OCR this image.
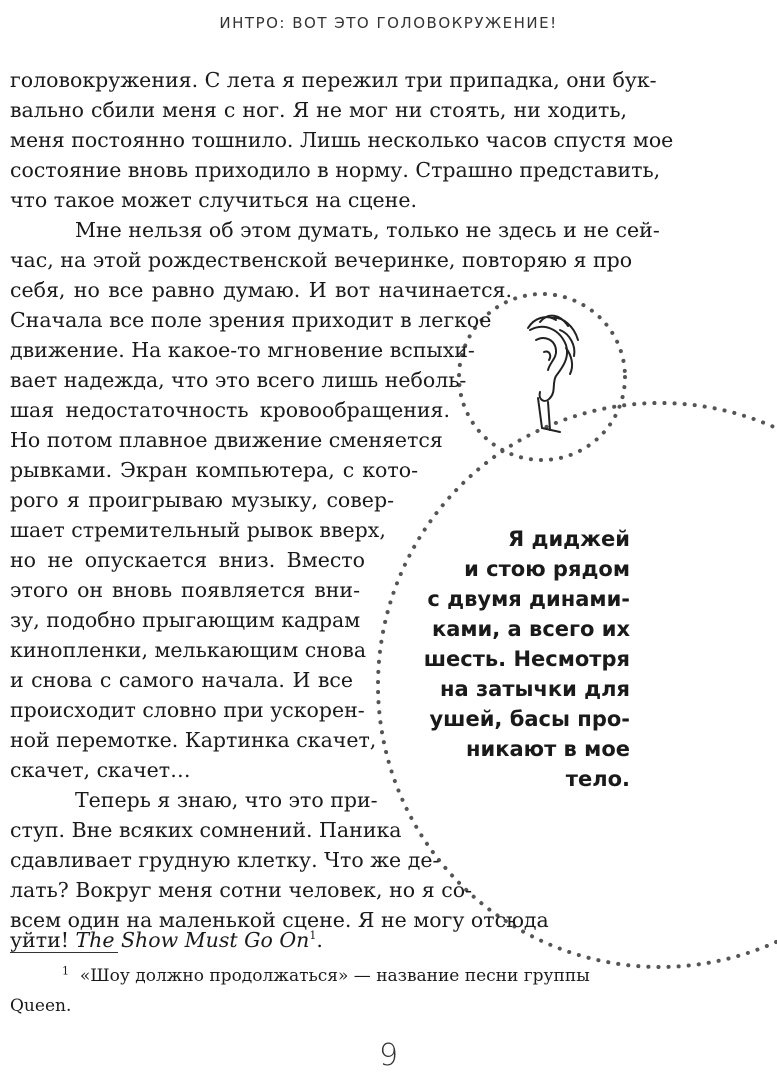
ИНТРО: ВОТ ЭТО ГОЛОВОКРУЖЕНИЕ!
головокружения. С лета я пережил три припадка, они бук-
вально сбили меня с ног. Я не мог ни стоять, ни ходить,
меня постоянно тошнило. Лишь несколько часов спустя мое
состояние вновь приходило в норму. Страшно представить,
что такое может случиться на сцене.
Мне нельзя об этом думать, только не здесь и не сей-
час, на этой рождественской вечеринке, повторяю я про
себя, но все равно думаю. И вот начинается.
Сначала все поле зрения приходит в легкое
движение. На какое-то мгновение вспыхи-
вает надежда, что это всего лишь неболь-
шая недостаточность кровообращения.
Но потом плавное движение сменяется
рывками. Экран компьютера, с кото-
рого я проигрываю музыку, совер-
шает стремительный рывок вверх,
но не опускается вниз. Вместо
этого он вновь появляется вни-
зу, подобно прыгающим кадрам
кинопленки, мелькающим снова
и снова с самого начала. И все
происходит словно при ускорен-
ной перемотке. Картинка скачет,
скачет, скачет…
Теперь я знаю, что это при-
ступ. Вне всяких сомнений. Паника
сдавливает грудную клетку. Что же де-
лать? Вокруг меня сотни человек, но я со-
всем один на маленькой сцене. Я не могу отсюда
уйти! The Show Must Go On$^1$.
$^1$ «Шоу должно продолжаться» — название песни группы
Queen.
Я диджей
и стою рядом
с двумя динами-
ками, а всего их
шесть. Несмотря
на затычки для
ушей, басы про-
никают в мое
тело.
9
